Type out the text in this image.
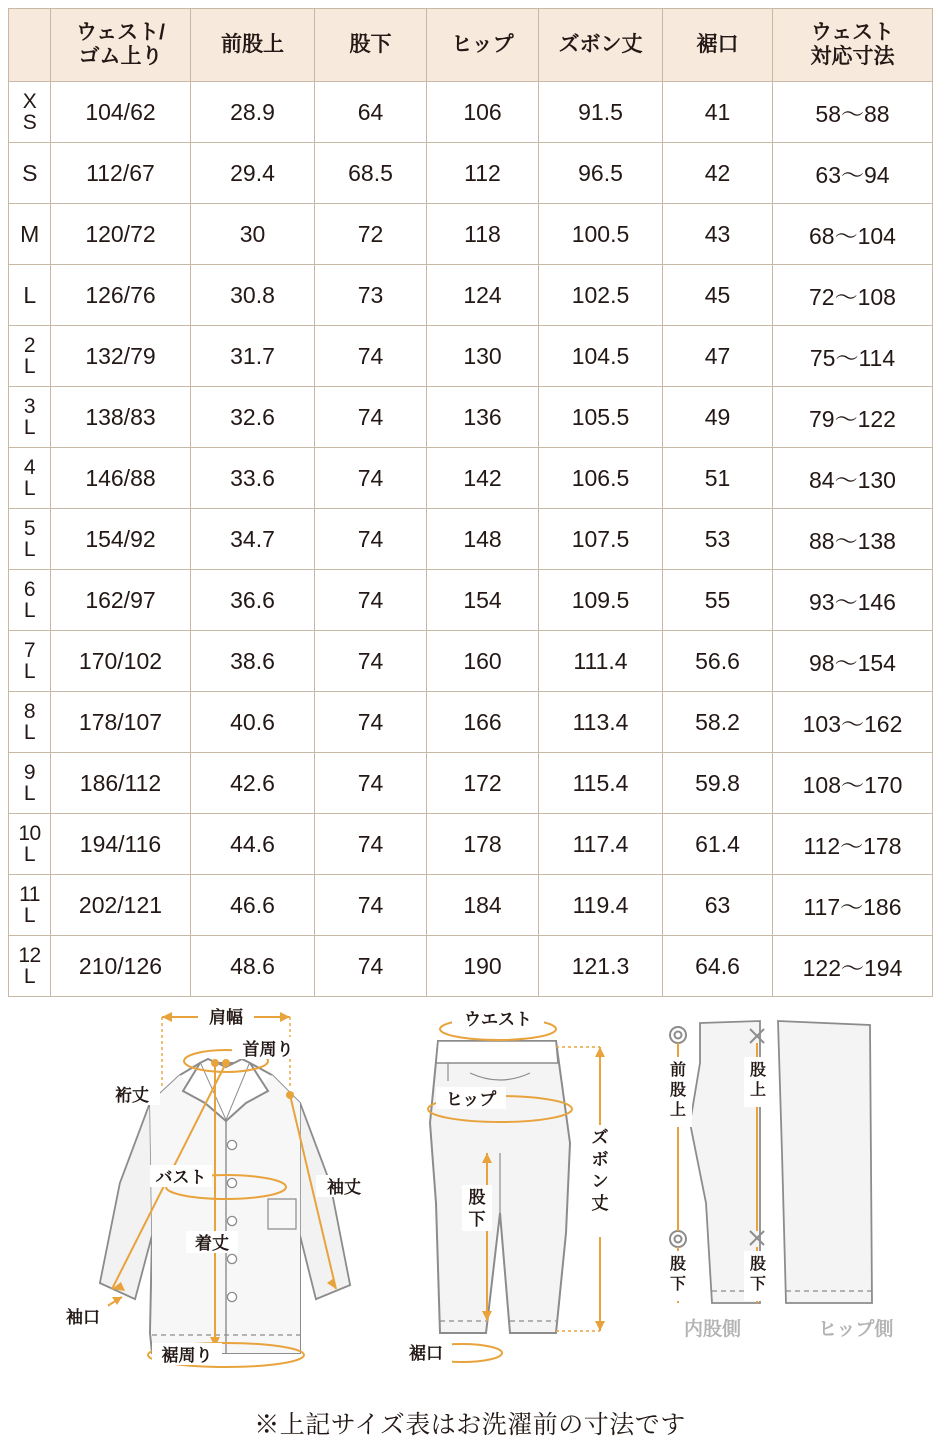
	ウェスト/
ゴム上り	前股上	股下	ヒップ	ズボン丈	裾口	ウェスト
対応寸法

X
S	104/62	28.9	64	106	91.5	41	58〜88
S	112/67	29.4	68.5	112	96.5	42	63〜94
M	120/72	30	72	118	100.5	43	68〜104
L	126/76	30.8	73	124	102.5	45	72〜108

2
L	132/79	31.7	74	130	104.5	47	75〜114

3
L	138/83	32.6	74	136	105.5	49	79〜122

4
L	146/88	33.6	74	142	106.5	51	84〜130

5
L	154/92	34.7	74	148	107.5	53	88〜138

6
L	162/97	36.6	74	154	109.5	55	93〜146

7
L	170/102	38.6	74	160	111.4	56.6	98〜154

8
L	178/107	40.6	74	166	113.4	58.2	103〜162

9
L	186/112	42.6	74	172	115.4	59.8	108〜170

10
L	194/116	44.6	74	178	117.4	61.4	112〜178

11
L	202/121	46.6	74	184	119.4	63	117〜186

12
L	210/126	48.6	74	190	121.3	64.6	122〜194
肩幅
首周り
裄丈
袖丈
バスト
着丈
袖口
裾周り
ウエスト
ヒップ
股
下
ズ
ボ
ン
丈
裾口
前
股
上
股
上
股
下
股
下
内股側	ヒップ側
※上記サイズ表はお洗濯前の寸法です
